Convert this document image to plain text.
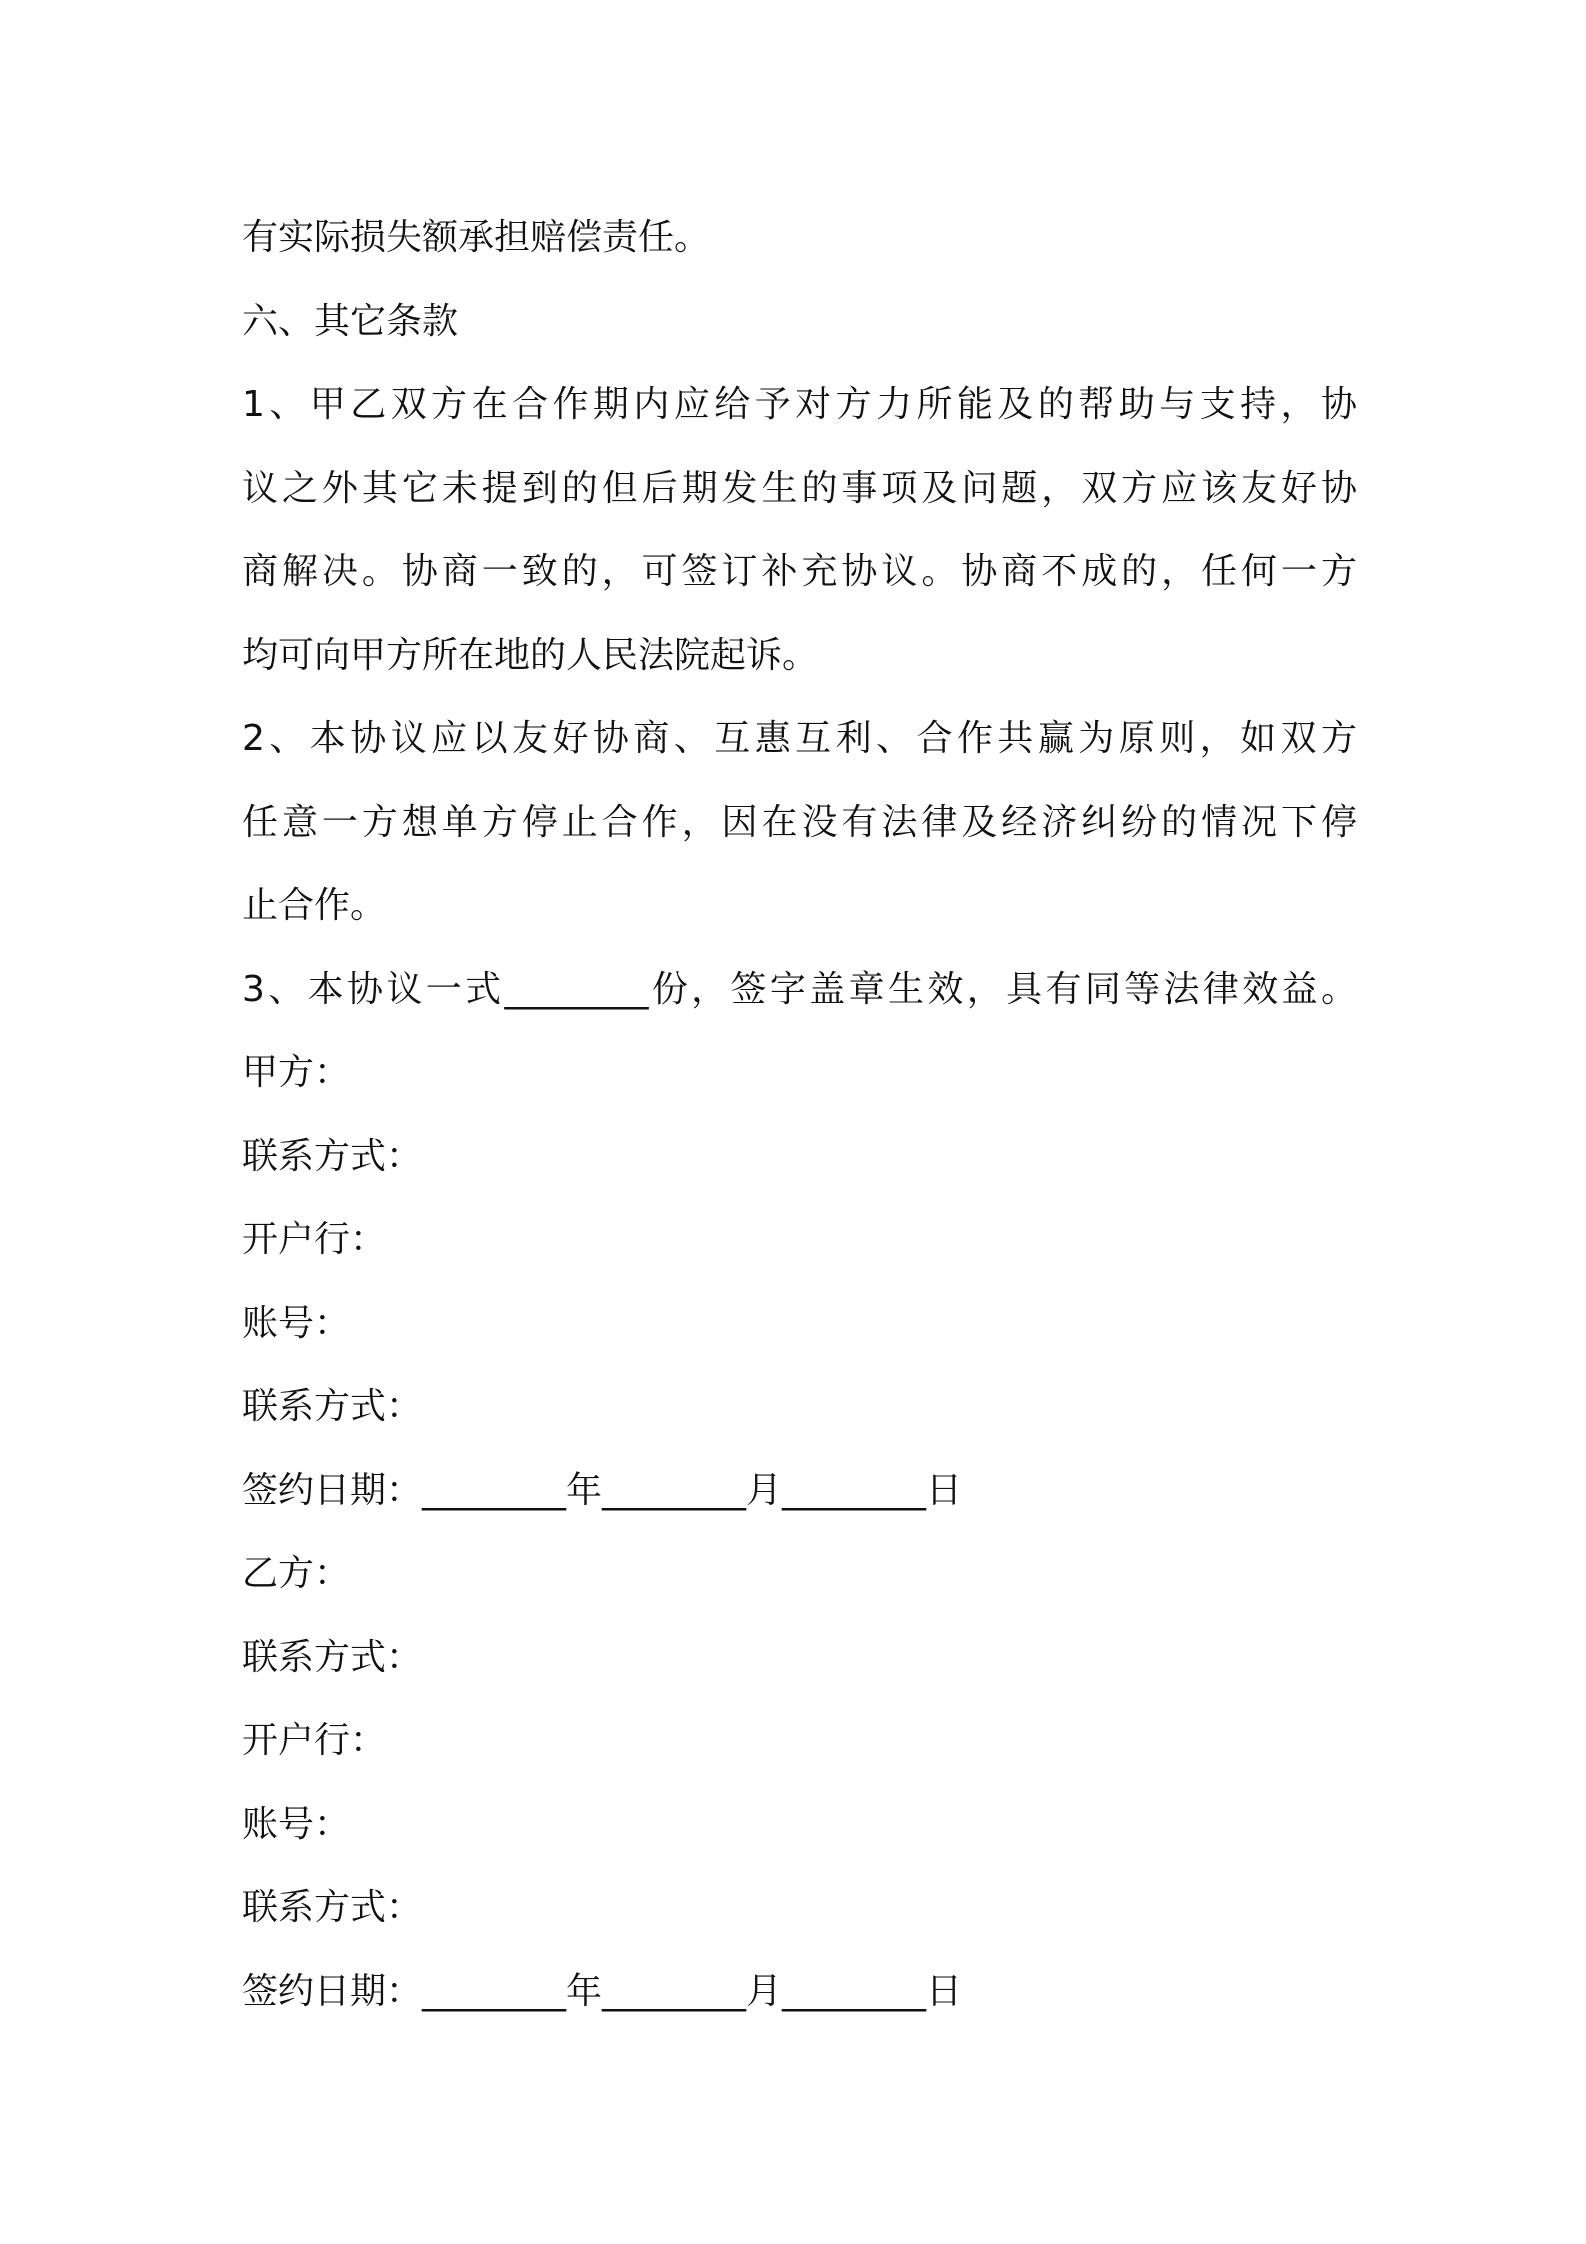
有实际损失额承担赔偿责任。
六、其它条款
1、甲乙双方在合作期内应给予对方力所能及的帮助与支持，协
议之外其它未提到的但后期发生的事项及问题，双方应该友好协
商解决。协商一致的，可签订补充协议。协商不成的，任何一方
均可向甲方所在地的人民法院起诉。
2、本协议应以友好协商、互惠互利、合作共赢为原则，如双方
任意一方想单方停止合作，因在没有法律及经济纠纷的情况下停
止合作。
3、本协议一式________份，签字盖章生效，具有同等法律效益。
甲方：
联系方式：
开户行：
账号：
联系方式：
签约日期：________年________月________日
乙方：
联系方式：
开户行：
账号：
联系方式：
签约日期：________年________月________日
